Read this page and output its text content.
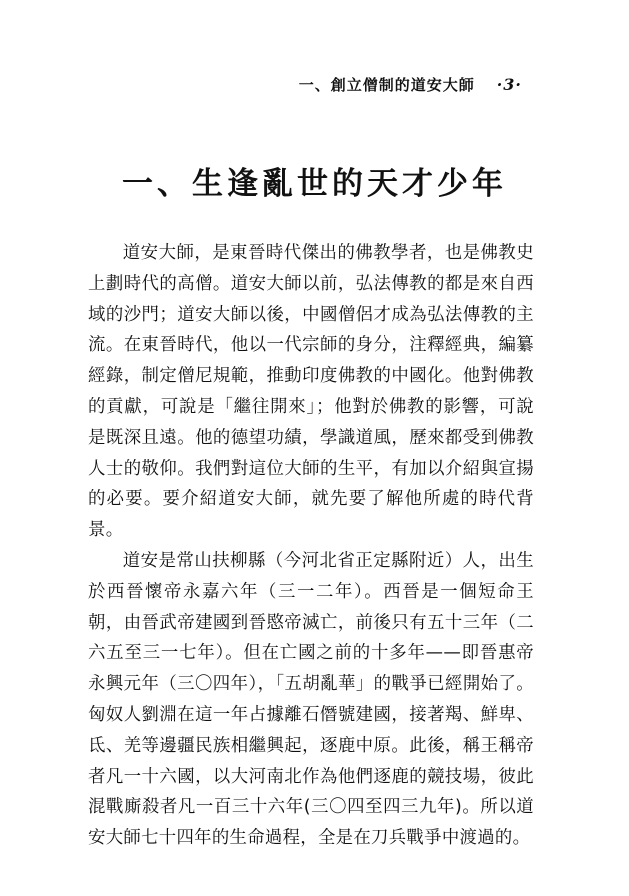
一、創立僧制的道安大師 ·3·
一、生逢亂世的天才少年

道安大師，是東晉時代傑出的佛教學者，也是佛教史上劃時代的高僧。道安大師以前，弘法傳教的都是來自西域的沙門；道安大師以後，中國僧侶才成為弘法傳教的主流。在東晉時代，他以一代宗師的身分，注釋經典，編纂經錄，制定僧尼規範，推動印度佛教的中國化。他對佛教的貢獻，可說是「繼往開來」；他對於佛教的影響，可說是既深且遠。他的德望功績，學識道風，歷來都受到佛教人士的敬仰。我們對這位大師的生平，有加以介紹與宣揚的必要。要介紹道安大師，就先要了解他所處的時代背景。

道安是常山扶柳縣（今河北省正定縣附近）人，出生於西晉懷帝永嘉六年（三一二年）。西晉是一個短命王朝，由晉武帝建國到晉愍帝滅亡，前後只有五十三年（二六五至三一七年）。但在亡國之前的十多年——即晉惠帝永興元年（三〇四年），「五胡亂華」的戰爭已經開始了。匈奴人劉淵在這一年占據離石僭號建國，接著羯、鮮卑、氐、羌等邊疆民族相繼興起，逐鹿中原。此後，稱王稱帝者凡一十六國，以大河南北作為他們逐鹿的競技場，彼此混戰廝殺者凡一百三十六年(三〇四至四三九年)。所以道安大師七十四年的生命過程，全是在刀兵戰爭中渡過的。
